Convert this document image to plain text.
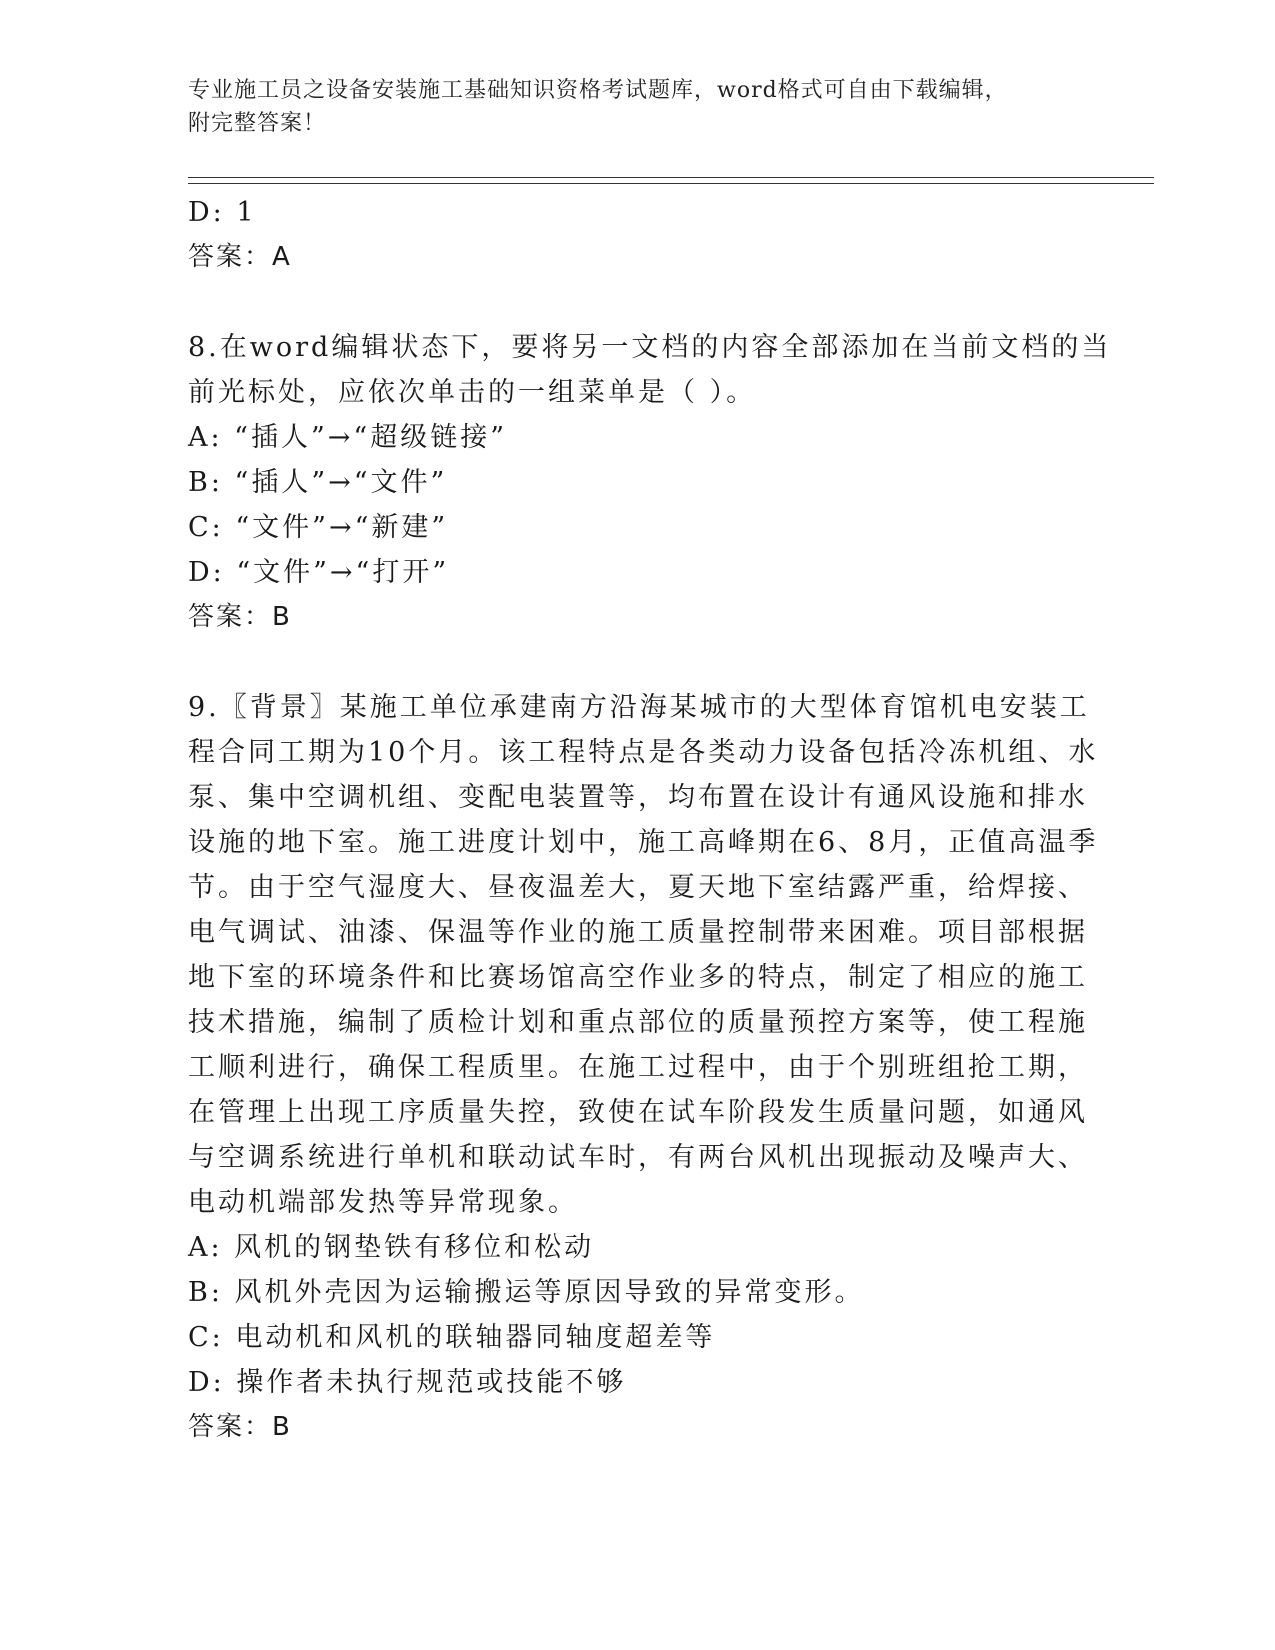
专业施工员之设备安装施工基础知识资格考试题库，word格式可自由下载编辑，
附完整答案！
D: 1
答案：A
8.在word编辑状态下，要将另一文档的内容全部添加在当前文档的当
前光标处，应依次单击的一组菜单是（ ）。
A: “插人”→“超级链接”
B: “插人”→“文件”
C: “文件”→“新建”
D: “文件”→“打开”
答案：B
9.〖背景〗某施工单位承建南方沿海某城市的大型体育馆机电安装工
程合同工期为10个月。该工程特点是各类动力设备包括冷冻机组、水
泵、集中空调机组、变配电装置等，均布置在设计有通风设施和排水
设施的地下室。施工进度计划中，施工高峰期在6、8月，正值高温季
节。由于空气湿度大、昼夜温差大，夏天地下室结露严重，给焊接、
电气调试、油漆、保温等作业的施工质量控制带来困难。项目部根据
地下室的环境条件和比赛场馆高空作业多的特点，制定了相应的施工
技术措施，编制了质检计划和重点部位的质量预控方案等，使工程施
工顺利进行，确保工程质里。在施工过程中，由于个别班组抢工期，
在管理上出现工序质量失控，致使在试车阶段发生质量问题，如通风
与空调系统进行单机和联动试车时，有两台风机出现振动及噪声大、
电动机端部发热等异常现象。
A: 风机的钢垫铁有移位和松动
B: 风机外壳因为运输搬运等原因导致的异常变形。
C: 电动机和风机的联轴器同轴度超差等
D: 操作者未执行规范或技能不够
答案：B
